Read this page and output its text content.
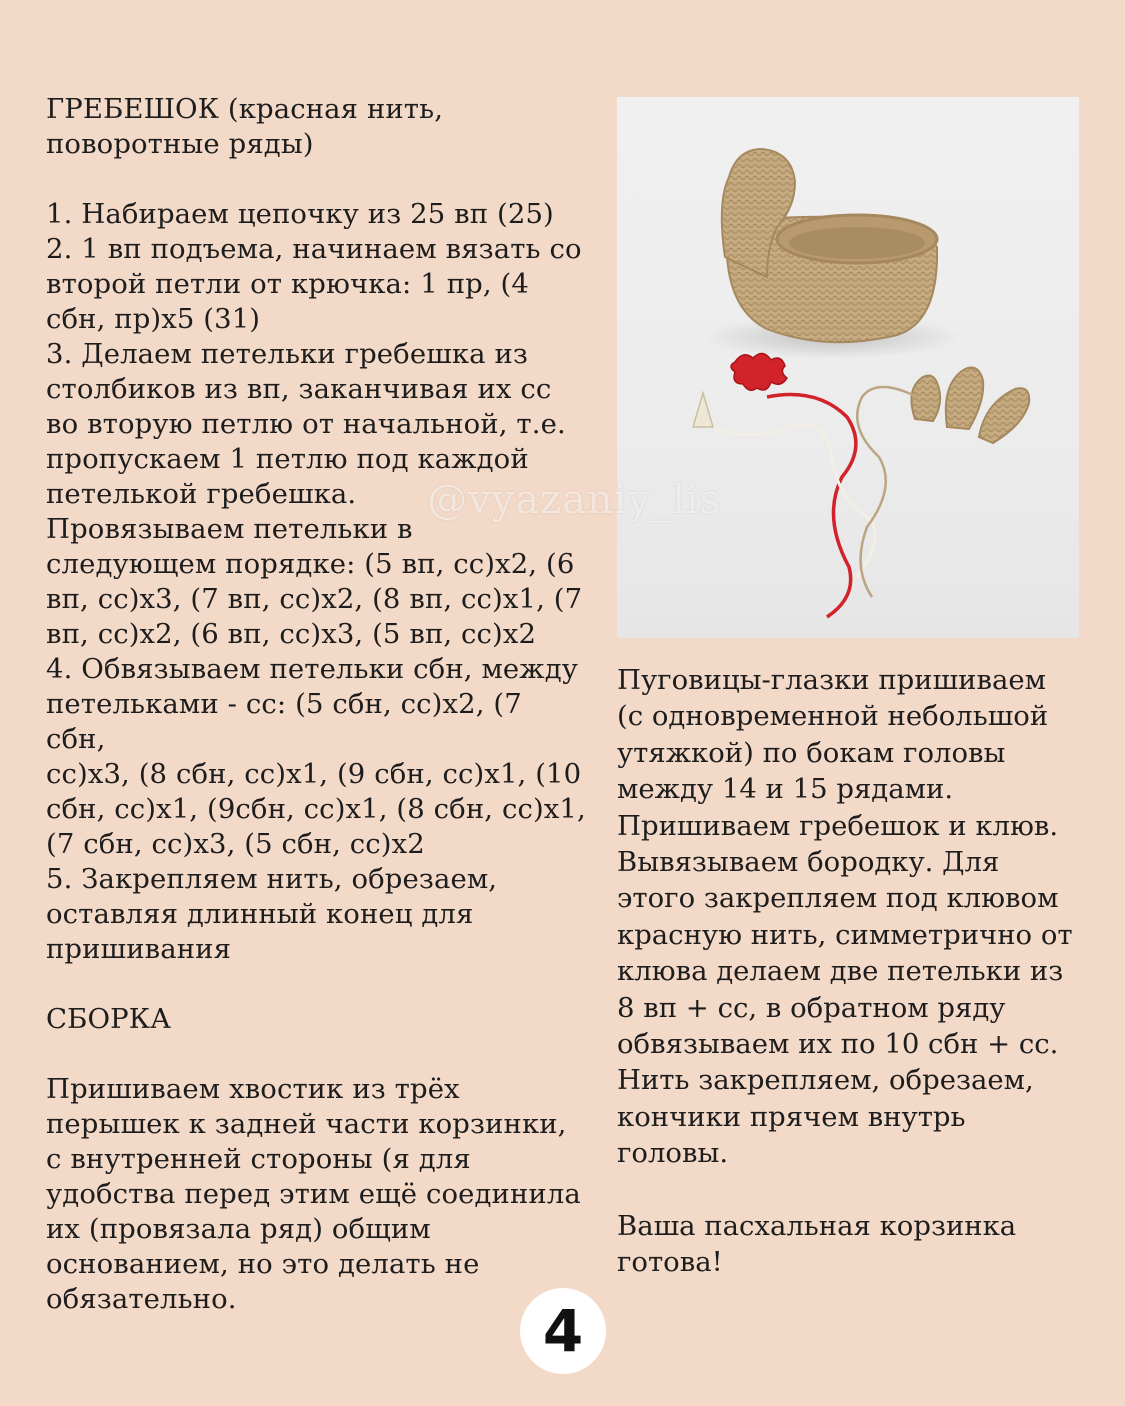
ГРЕБЕШОК (красная нить,

поворотные ряды)

1. Набираем цепочку из 25 вп (25)

2. 1 вп подъема, начинаем вязать со

второй петли от крючка: 1 пр, (4

сбн, пр)х5 (31)

3. Делаем петельки гребешка из

столбиков из вп, заканчивая их сс

во вторую петлю от начальной, т.е.

пропускаем 1 петлю под каждой

петелькой гребешка.

Провязываем петельки в

следующем порядке: (5 вп, сс)х2, (6

вп, сс)х3, (7 вп, сс)х2, (8 вп, сс)х1, (7

вп, сс)х2, (6 вп, сс)х3, (5 вп, сс)х2

4. Обвязываем петельки сбн, между

петельками - сс: (5 сбн, сс)х2, (7 сбн,

сс)х3, (8 сбн, сс)х1, (9 сбн, сс)х1, (10

сбн, сс)х1, (9сбн, сс)х1, (8 сбн, сс)х1,

(7 сбн, сс)х3, (5 сбн, сс)х2

5. Закрепляем нить, обрезаем,

оставляя длинный конец для

пришивания

СБОРКА

Пришиваем хвостик из трёх

перышек к задней части корзинки,

с внутренней стороны (я для

удобства перед этим ещё соединила

их (провязала ряд) общим

основанием, но это делать не

обязательно.

@vyazaniy_lis

Пуговицы-глазки пришиваем

(с одновременной небольшой

утяжкой) по бокам головы

между 14 и 15 рядами.

Пришиваем гребешок и клюв.

Вывязываем бородку. Для

этого закрепляем под клювом

красную нить, симметрично от

клюва делаем две петельки из

8 вп + сс, в обратном ряду

обвязываем их по 10 сбн + сс.

Нить закрепляем, обрезаем,

кончики прячем внутрь

головы.

Ваша пасхальная корзинка

готова!

4
